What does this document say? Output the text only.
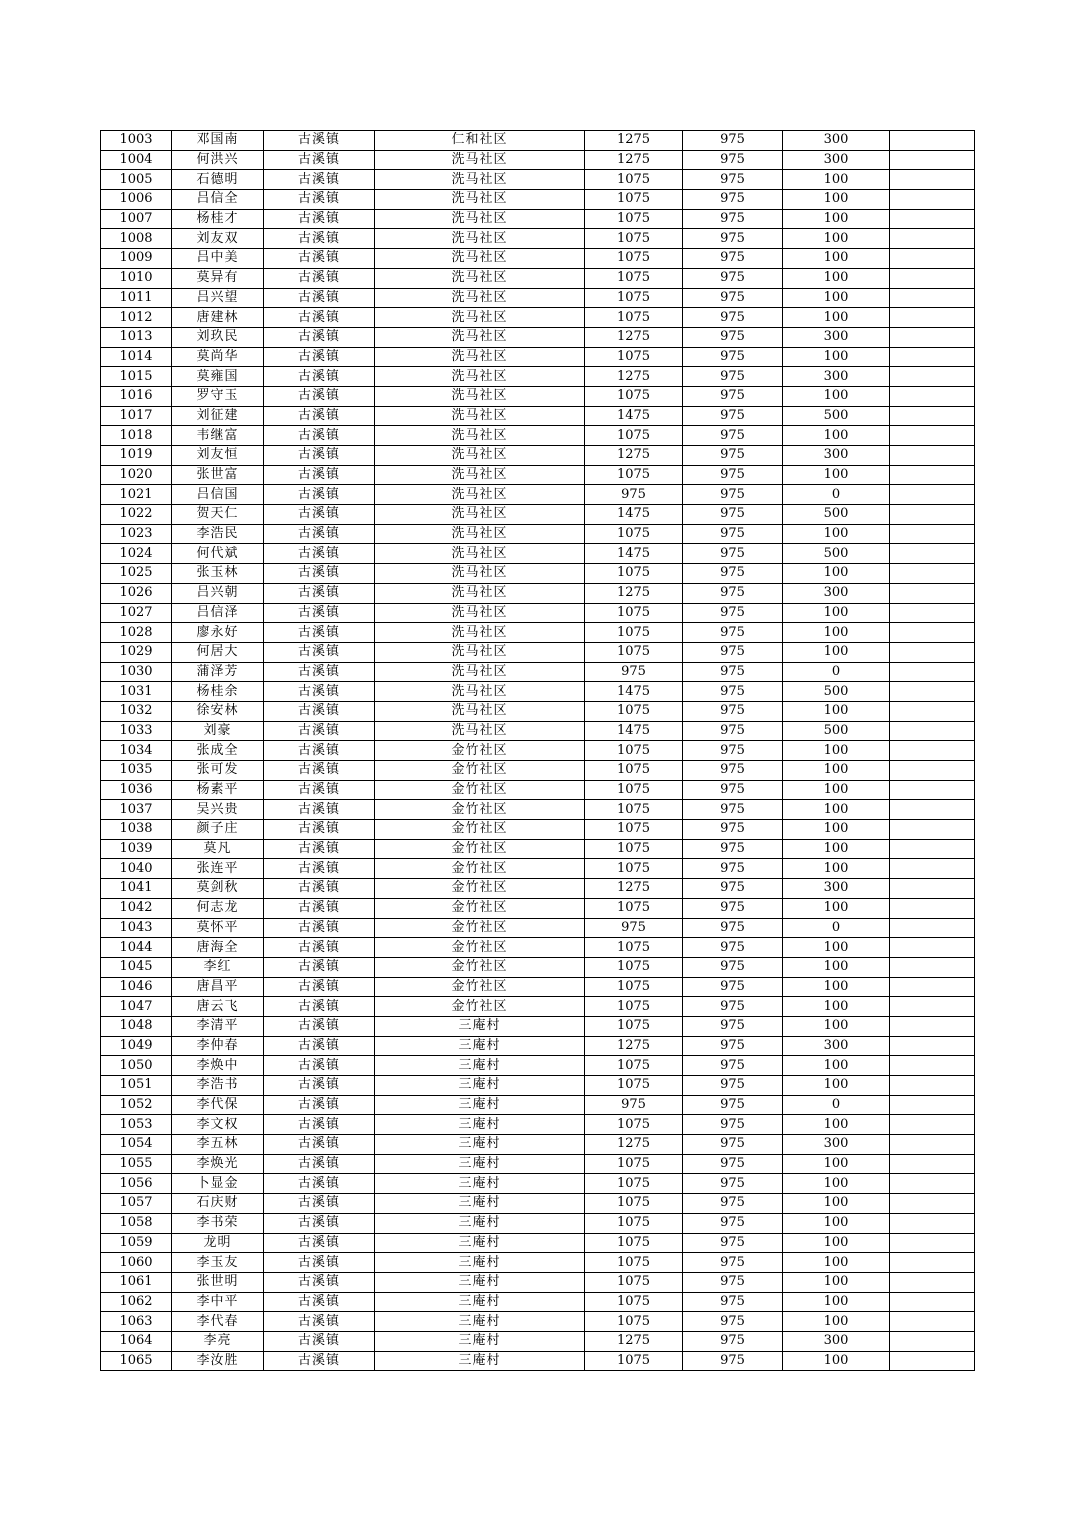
1003	邓国南	古溪镇	仁和社区	1275	975	300	
1004	何洪兴	古溪镇	洗马社区	1275	975	300	
1005	石德明	古溪镇	洗马社区	1075	975	100	
1006	吕信全	古溪镇	洗马社区	1075	975	100	
1007	杨桂才	古溪镇	洗马社区	1075	975	100	
1008	刘友双	古溪镇	洗马社区	1075	975	100	
1009	吕中美	古溪镇	洗马社区	1075	975	100	
1010	莫异有	古溪镇	洗马社区	1075	975	100	
1011	吕兴望	古溪镇	洗马社区	1075	975	100	
1012	唐建林	古溪镇	洗马社区	1075	975	100	
1013	刘玖民	古溪镇	洗马社区	1275	975	300	
1014	莫尚华	古溪镇	洗马社区	1075	975	100	
1015	莫雍国	古溪镇	洗马社区	1275	975	300	
1016	罗守玉	古溪镇	洗马社区	1075	975	100	
1017	刘征建	古溪镇	洗马社区	1475	975	500	
1018	韦继富	古溪镇	洗马社区	1075	975	100	
1019	刘友恒	古溪镇	洗马社区	1275	975	300	
1020	张世富	古溪镇	洗马社区	1075	975	100	
1021	吕信国	古溪镇	洗马社区	975	975	0	
1022	贺天仁	古溪镇	洗马社区	1475	975	500	
1023	李浩民	古溪镇	洗马社区	1075	975	100	
1024	何代斌	古溪镇	洗马社区	1475	975	500	
1025	张玉林	古溪镇	洗马社区	1075	975	100	
1026	吕兴朝	古溪镇	洗马社区	1275	975	300	
1027	吕信泽	古溪镇	洗马社区	1075	975	100	
1028	廖永好	古溪镇	洗马社区	1075	975	100	
1029	何居大	古溪镇	洗马社区	1075	975	100	
1030	蒲泽芳	古溪镇	洗马社区	975	975	0	
1031	杨桂余	古溪镇	洗马社区	1475	975	500	
1032	徐安林	古溪镇	洗马社区	1075	975	100	
1033	刘豪	古溪镇	洗马社区	1475	975	500	
1034	张成全	古溪镇	金竹社区	1075	975	100	
1035	张可发	古溪镇	金竹社区	1075	975	100	
1036	杨素平	古溪镇	金竹社区	1075	975	100	
1037	吴兴贵	古溪镇	金竹社区	1075	975	100	
1038	颜子庄	古溪镇	金竹社区	1075	975	100	
1039	莫凡	古溪镇	金竹社区	1075	975	100	
1040	张连平	古溪镇	金竹社区	1075	975	100	
1041	莫剑秋	古溪镇	金竹社区	1275	975	300	
1042	何志龙	古溪镇	金竹社区	1075	975	100	
1043	莫怀平	古溪镇	金竹社区	975	975	0	
1044	唐海全	古溪镇	金竹社区	1075	975	100	
1045	李红	古溪镇	金竹社区	1075	975	100	
1046	唐昌平	古溪镇	金竹社区	1075	975	100	
1047	唐云飞	古溪镇	金竹社区	1075	975	100	
1048	李清平	古溪镇	三庵村	1075	975	100	
1049	李仲春	古溪镇	三庵村	1275	975	300	
1050	李焕中	古溪镇	三庵村	1075	975	100	
1051	李浩书	古溪镇	三庵村	1075	975	100	
1052	李代保	古溪镇	三庵村	975	975	0	
1053	李文权	古溪镇	三庵村	1075	975	100	
1054	李五林	古溪镇	三庵村	1275	975	300	
1055	李焕光	古溪镇	三庵村	1075	975	100	
1056	卜显金	古溪镇	三庵村	1075	975	100	
1057	石庆财	古溪镇	三庵村	1075	975	100	
1058	李书荣	古溪镇	三庵村	1075	975	100	
1059	龙明	古溪镇	三庵村	1075	975	100	
1060	李玉友	古溪镇	三庵村	1075	975	100	
1061	张世明	古溪镇	三庵村	1075	975	100	
1062	李中平	古溪镇	三庵村	1075	975	100	
1063	李代春	古溪镇	三庵村	1075	975	100	
1064	李亮	古溪镇	三庵村	1275	975	300	
1065	李汝胜	古溪镇	三庵村	1075	975	100	
